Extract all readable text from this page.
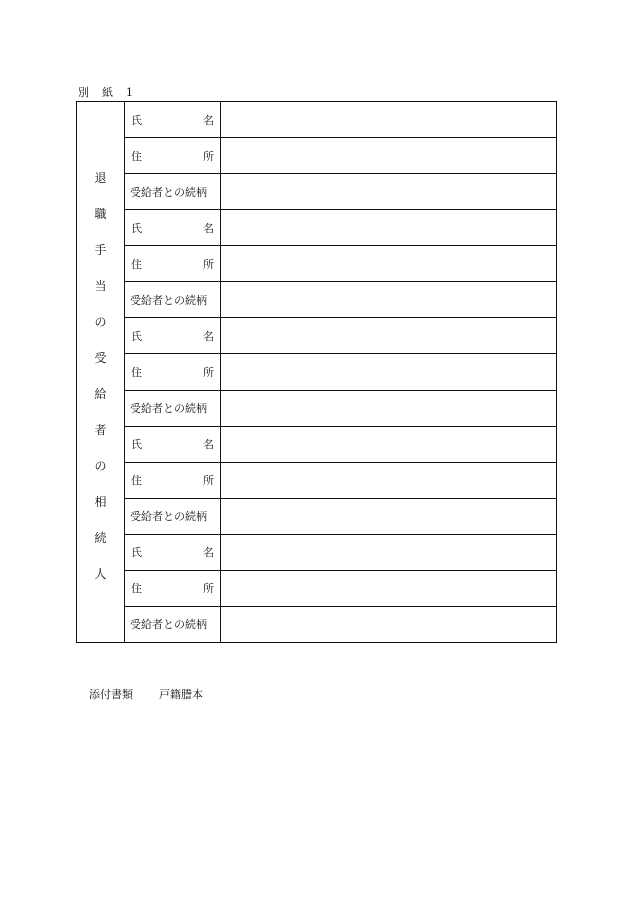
別 紙 1
退
職
手
当
の
受
給
者
の
相
続
人
氏	名
住	所
受給者との続柄
氏	名
住	所
受給者との続柄
氏	名
住	所
受給者との続柄
氏	名
住	所
受給者との続柄
氏	名
住	所
受給者との続柄
添付書類	戸籍謄本
